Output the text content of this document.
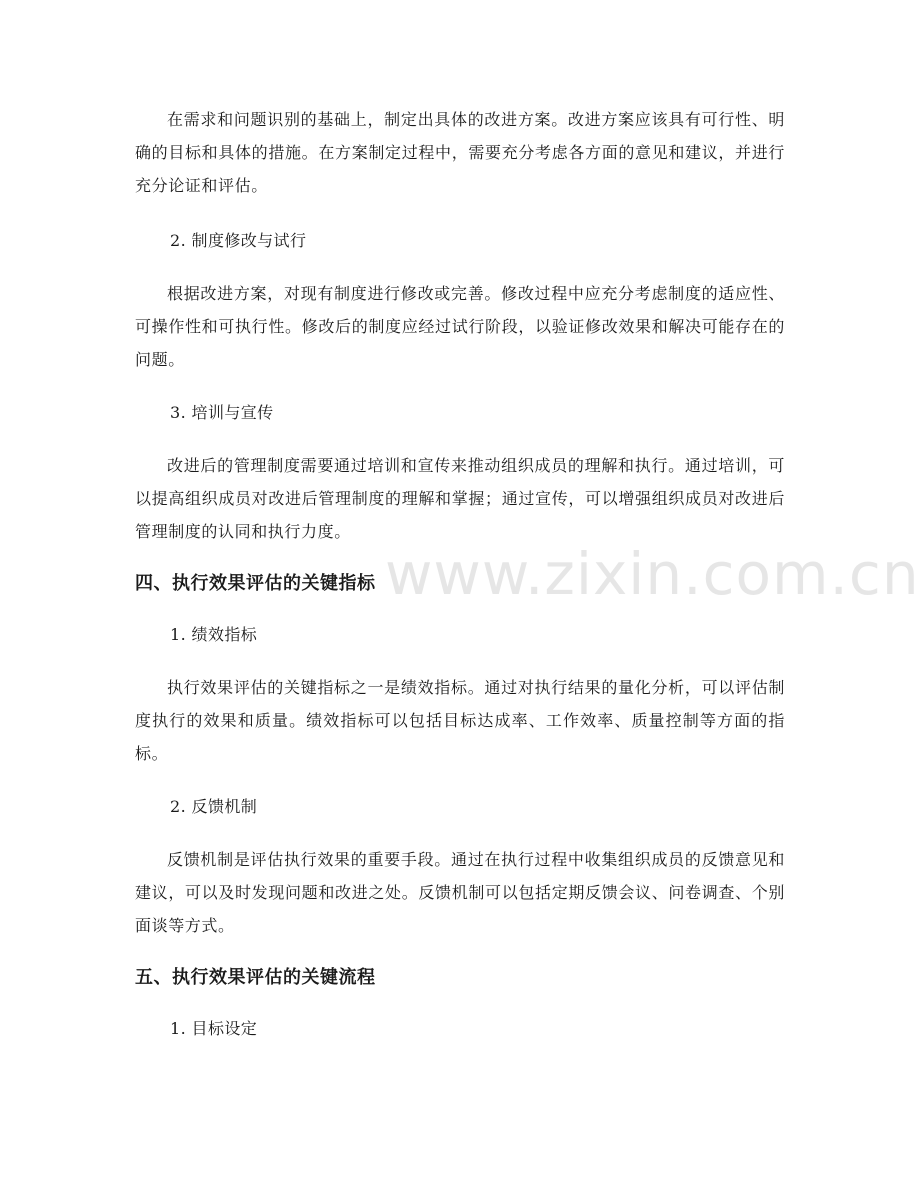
www.zixin.com.cn

在需求和问题识别的基础上，制定出具体的改进方案。改进方案应该具有可行性、明确的目标和具体的措施。在方案制定过程中，需要充分考虑各方面的意见和建议，并进行充分论证和评估。

2. 制度修改与试行

根据改进方案，对现有制度进行修改或完善。修改过程中应充分考虑制度的适应性、可操作性和可执行性。修改后的制度应经过试行阶段，以验证修改效果和解决可能存在的问题。

3. 培训与宣传

改进后的管理制度需要通过培训和宣传来推动组织成员的理解和执行。通过培训，可以提高组织成员对改进后管理制度的理解和掌握；通过宣传，可以增强组织成员对改进后管理制度的认同和执行力度。

四、执行效果评估的关键指标

1. 绩效指标

执行效果评估的关键指标之一是绩效指标。通过对执行结果的量化分析，可以评估制度执行的效果和质量。绩效指标可以包括目标达成率、工作效率、质量控制等方面的指标。

2. 反馈机制

反馈机制是评估执行效果的重要手段。通过在执行过程中收集组织成员的反馈意见和建议，可以及时发现问题和改进之处。反馈机制可以包括定期反馈会议、问卷调查、个别面谈等方式。

五、执行效果评估的关键流程

1. 目标设定
